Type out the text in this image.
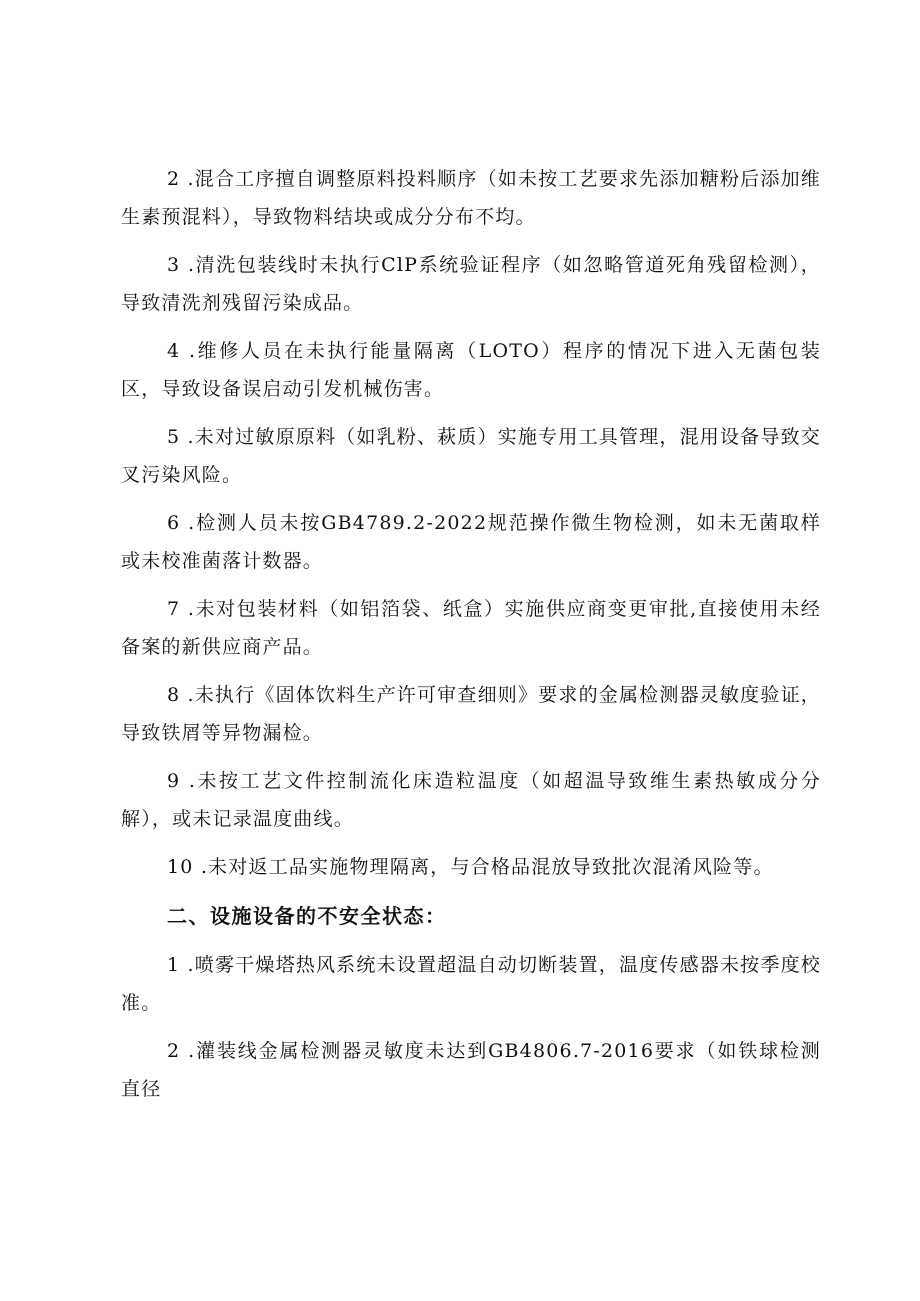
2 .混合工序擅自调整原料投料顺序（如未按工艺要求先添加糖粉后添加维生素预混料），导致物料结块或成分分布不均。

3 .清洗包装线时未执行ClP系统验证程序（如忽略管道死角残留检测），导致清洗剂残留污染成品。

4 .维修人员在未执行能量隔离（LOTO）程序的情况下进入无菌包装区，导致设备误启动引发机械伤害。

5 .未对过敏原原料（如乳粉、萩质）实施专用工具管理，混用设备导致交叉污染风险。

6 .检测人员未按GB4789.2-2022规范操作微生物检测，如未无菌取样或未校准菌落计数器。

7 .未对包装材料（如铝箔袋、纸盒）实施供应商变更审批,直接使用未经备案的新供应商产品。

8 .未执行《固体饮料生产许可审查细则》要求的金属检测器灵敏度验证，导致铁屑等异物漏检。

9 .未按工艺文件控制流化床造粒温度（如超温导致维生素热敏成分分解），或未记录温度曲线。

10 .未对返工品实施物理隔离，与合格品混放导致批次混淆风险等。

二、设施设备的不安全状态：

1 .喷雾干燥塔热风系统未设置超温自动切断装置，温度传感器未按季度校准。

2 .灌装线金属检测器灵敏度未达到GB4806.7-2016要求（如铁球检测直径
